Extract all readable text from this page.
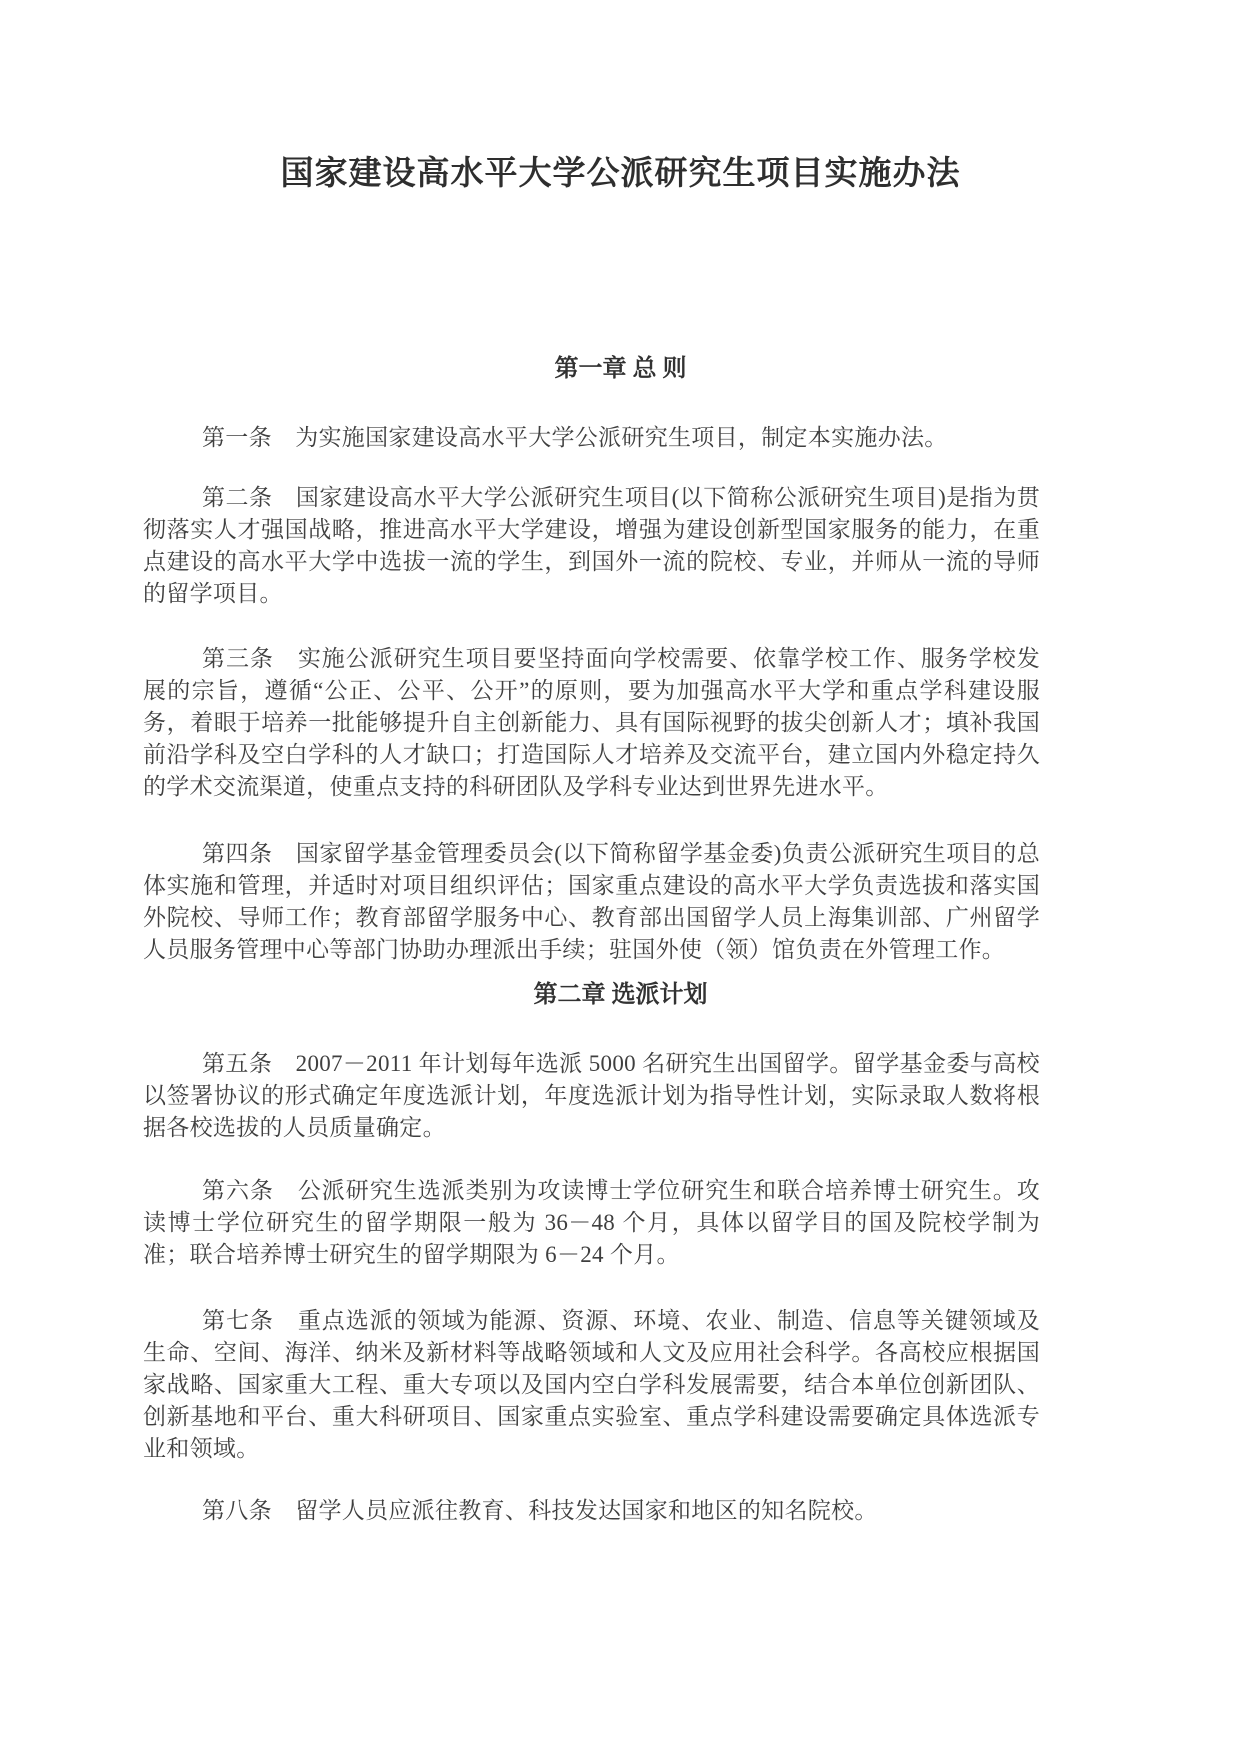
国家建设高水平大学公派研究生项目实施办法
第一章 总 则

第一条　为实施国家建设高水平大学公派研究生项目，制定本实施办法。

第二条　国家建设高水平大学公派研究生项目(以下简称公派研究生项目)是指为贯彻落实人才强国战略，推进高水平大学建设，增强为建设创新型国家服务的能力，在重点建设的高水平大学中选拔一流的学生，到国外一流的院校、专业，并师从一流的导师的留学项目。

第三条　实施公派研究生项目要坚持面向学校需要、依靠学校工作、服务学校发展的宗旨，遵循“公正、公平、公开”的原则，要为加强高水平大学和重点学科建设服务，着眼于培养一批能够提升自主创新能力、具有国际视野的拔尖创新人才；填补我国前沿学科及空白学科的人才缺口；打造国际人才培养及交流平台，建立国内外稳定持久的学术交流渠道，使重点支持的科研团队及学科专业达到世界先进水平。

第四条　国家留学基金管理委员会(以下简称留学基金委)负责公派研究生项目的总体实施和管理，并适时对项目组织评估；国家重点建设的高水平大学负责选拔和落实国外院校、导师工作；教育部留学服务中心、教育部出国留学人员上海集训部、广州留学人员服务管理中心等部门协助办理派出手续；驻国外使（领）馆负责在外管理工作。

第二章 选派计划

第五条　2007－2011 年计划每年选派 5000 名研究生出国留学。留学基金委与高校以签署协议的形式确定年度选派计划，年度选派计划为指导性计划，实际录取人数将根据各校选拔的人员质量确定。

第六条　公派研究生选派类别为攻读博士学位研究生和联合培养博士研究生。攻读博士学位研究生的留学期限一般为 36－48 个月，具体以留学目的国及院校学制为准；联合培养博士研究生的留学期限为 6－24 个月。

第七条　重点选派的领域为能源、资源、环境、农业、制造、信息等关键领域及生命、空间、海洋、纳米及新材料等战略领域和人文及应用社会科学。各高校应根据国家战略、国家重大工程、重大专项以及国内空白学科发展需要，结合本单位创新团队、创新基地和平台、重大科研项目、国家重点实验室、重点学科建设需要确定具体选派专业和领域。

第八条　留学人员应派往教育、科技发达国家和地区的知名院校。
